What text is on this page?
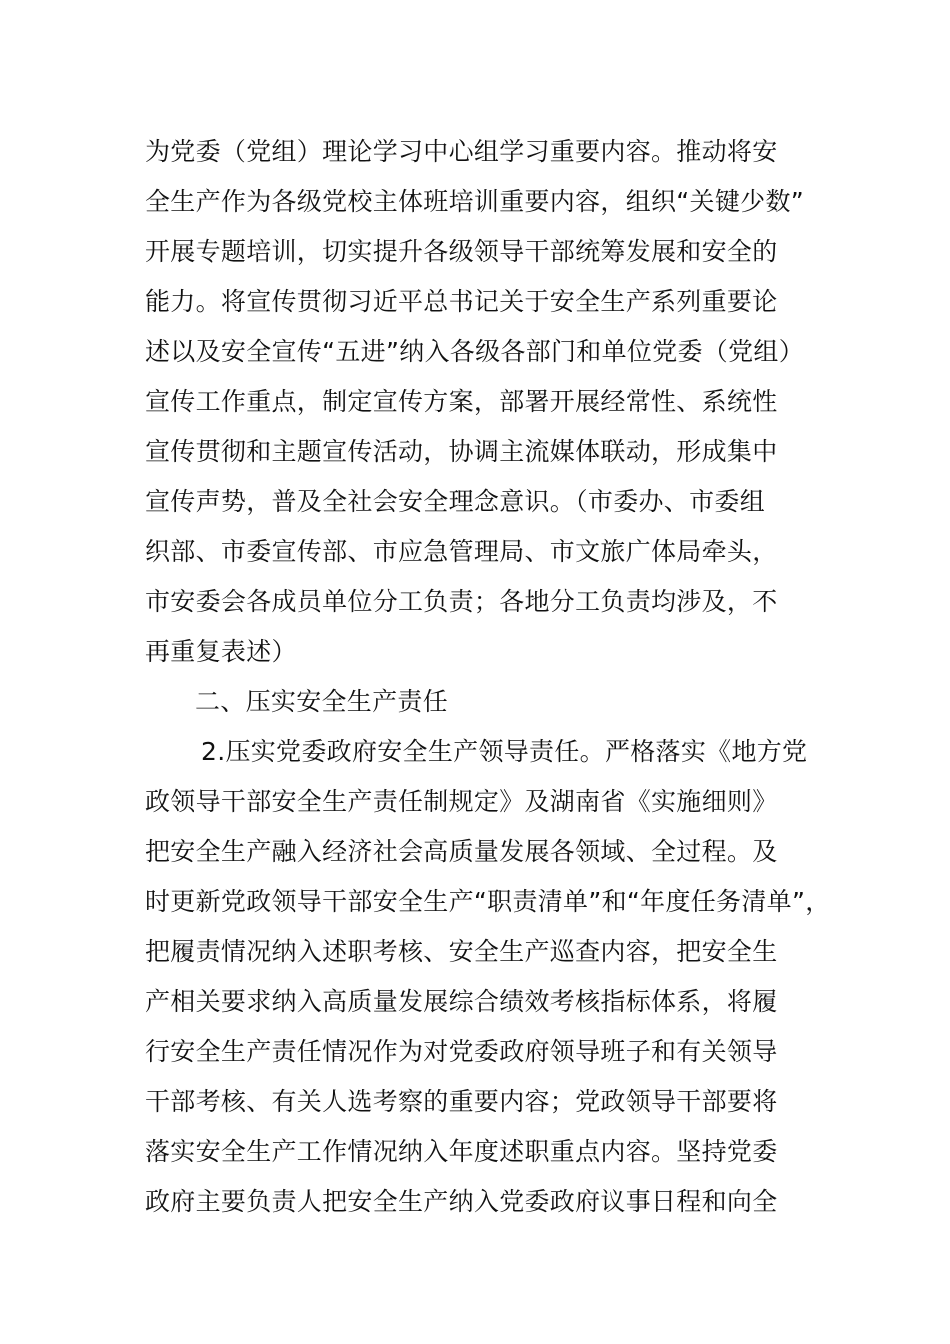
为党委（党组）理论学习中心组学习重要内容。推动将安
全生产作为各级党校主体班培训重要内容，组织“关键少数”
开展专题培训，切实提升各级领导干部统筹发展和安全的
能力。将宣传贯彻习近平总书记关于安全生产系列重要论
述以及安全宣传“五进”纳入各级各部门和单位党委（党组）
宣传工作重点，制定宣传方案，部署开展经常性、系统性
宣传贯彻和主题宣传活动，协调主流媒体联动，形成集中
宣传声势，普及全社会安全理念意识。（市委办、市委组
织部、市委宣传部、市应急管理局、市文旅广体局牵头，
市安委会各成员单位分工负责；各地分工负责均涉及，不
再重复表述）
二、压实安全生产责任
2.压实党委政府安全生产领导责任。严格落实《地方党
政领导干部安全生产责任制规定》及湖南省《实施细则》
把安全生产融入经济社会高质量发展各领域、全过程。及
时更新党政领导干部安全生产“职责清单”和“年度任务清单”，
把履责情况纳入述职考核、安全生产巡查内容，把安全生
产相关要求纳入高质量发展综合绩效考核指标体系，将履
行安全生产责任情况作为对党委政府领导班子和有关领导
干部考核、有关人选考察的重要内容；党政领导干部要将
落实安全生产工作情况纳入年度述职重点内容。坚持党委
政府主要负责人把安全生产纳入党委政府议事日程和向全
